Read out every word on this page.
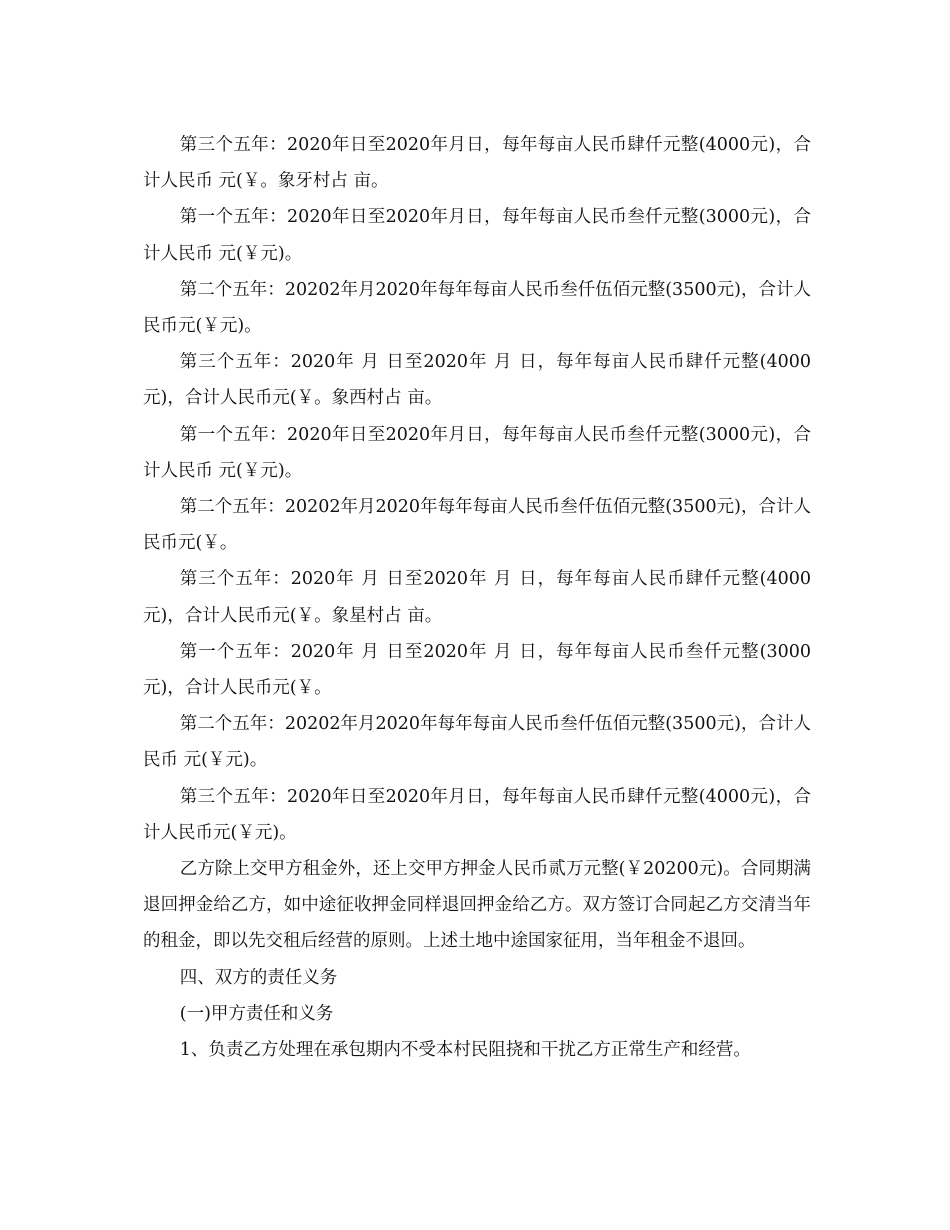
第三个五年：2020年日至2020年月日，每年每亩人民币肆仟元整(4000元)，合计人民币 元(￥。象牙村占 亩。

第一个五年：2020年日至2020年月日，每年每亩人民币叁仟元整(3000元)，合计人民币 元(￥元)。

第二个五年：20202年月2020年每年每亩人民币叁仟伍佰元整(3500元)，合计人民币元(￥元)。

第三个五年：2020年 月 日至2020年 月 日，每年每亩人民币肆仟元整(4000元)，合计人民币元(￥。象西村占 亩。

第一个五年：2020年日至2020年月日，每年每亩人民币叁仟元整(3000元)，合计人民币 元(￥元)。

第二个五年：20202年月2020年每年每亩人民币叁仟伍佰元整(3500元)，合计人民币元(￥。

第三个五年：2020年 月 日至2020年 月 日，每年每亩人民币肆仟元整(4000元)，合计人民币元(￥。象星村占 亩。

第一个五年：2020年 月 日至2020年 月 日，每年每亩人民币叁仟元整(3000元)，合计人民币元(￥。

第二个五年：20202年月2020年每年每亩人民币叁仟伍佰元整(3500元)，合计人民币 元(￥元)。

第三个五年：2020年日至2020年月日，每年每亩人民币肆仟元整(4000元)，合计人民币元(￥元)。

乙方除上交甲方租金外，还上交甲方押金人民币贰万元整(￥20200元)。合同期满退回押金给乙方，如中途征收押金同样退回押金给乙方。双方签订合同起乙方交清当年的租金，即以先交租后经营的原则。上述土地中途国家征用，当年租金不退回。

四、双方的责任义务

(一)甲方责任和义务

1、负责乙方处理在承包期内不受本村民阻挠和干扰乙方正常生产和经营。
